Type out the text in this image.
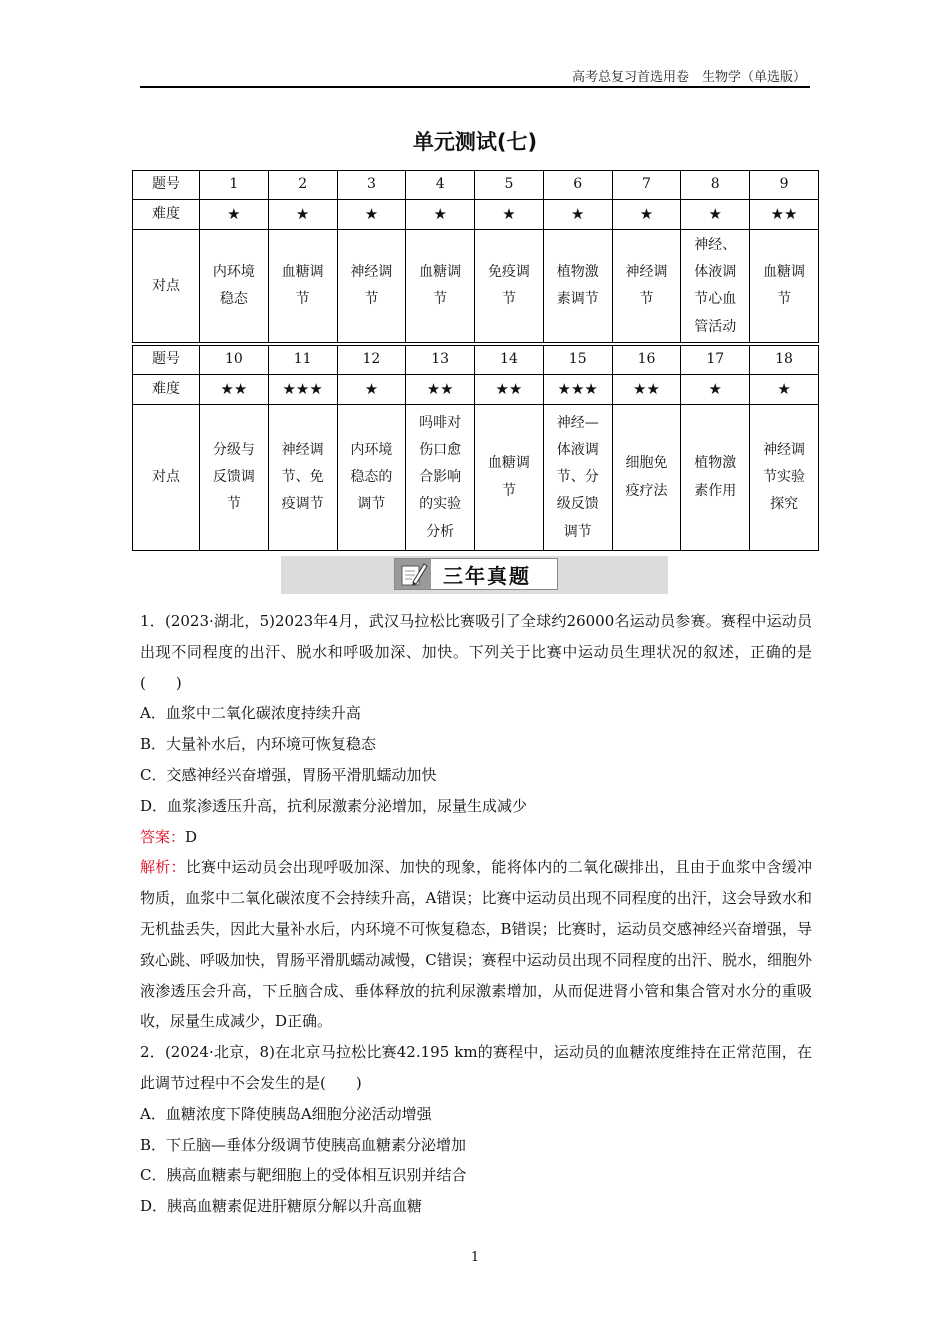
高考总复习首选用卷　生物学（单选版）
单元测试(七)
题号	1	2	3	4	5	6	7	8	9
难度	★	★	★	★	★	★	★	★	★★
对点	内环境稳态	血糖调节	神经调节	血糖调节	免疫调节	植物激素调节	神经调节	神经、体液调节心血管活动	血糖调节
题号	10	11	12	13	14	15	16	17	18
难度	★★	★★★	★	★★	★★	★★★	★★	★	★
对点	分级与反馈调节	神经调节、免疫调节	内环境稳态的调节	吗啡对伤口愈合影响的实验分析	血糖调节	神经—体液调节、分级反馈调节	细胞免疫疗法	植物激素作用	神经调节实验探究
三年真题

1．(2023·湖北，5)2023年4月，武汉马拉松比赛吸引了全球约26000名运动员参赛。赛程中运动员出现不同程度的出汗、脱水和呼吸加深、加快。下列关于比赛中运动员生理状况的叙述，正确的是(　　)

A．血浆中二氧化碳浓度持续升高

B．大量补水后，内环境可恢复稳态

C．交感神经兴奋增强，胃肠平滑肌蠕动加快

D．血浆渗透压升高，抗利尿激素分泌增加，尿量生成减少

答案：D

解析：比赛中运动员会出现呼吸加深、加快的现象，能将体内的二氧化碳排出，且由于血浆中含缓冲物质，血浆中二氧化碳浓度不会持续升高，A错误；比赛中运动员出现不同程度的出汗，这会导致水和无机盐丢失，因此大量补水后，内环境不可恢复稳态，B错误；比赛时，运动员交感神经兴奋增强，导致心跳、呼吸加快，胃肠平滑肌蠕动减慢，C错误；赛程中运动员出现不同程度的出汗、脱水，细胞外液渗透压会升高，下丘脑合成、垂体释放的抗利尿激素增加，从而促进肾小管和集合管对水分的重吸收，尿量生成减少，D正确。

2．(2024·北京，8)在北京马拉松比赛42.195 km的赛程中，运动员的血糖浓度维持在正常范围，在此调节过程中不会发生的是(　　)

A．血糖浓度下降使胰岛A细胞分泌活动增强

B．下丘脑—垂体分级调节使胰高血糖素分泌增加

C．胰高血糖素与靶细胞上的受体相互识别并结合

D．胰高血糖素促进肝糖原分解以升高血糖

1
